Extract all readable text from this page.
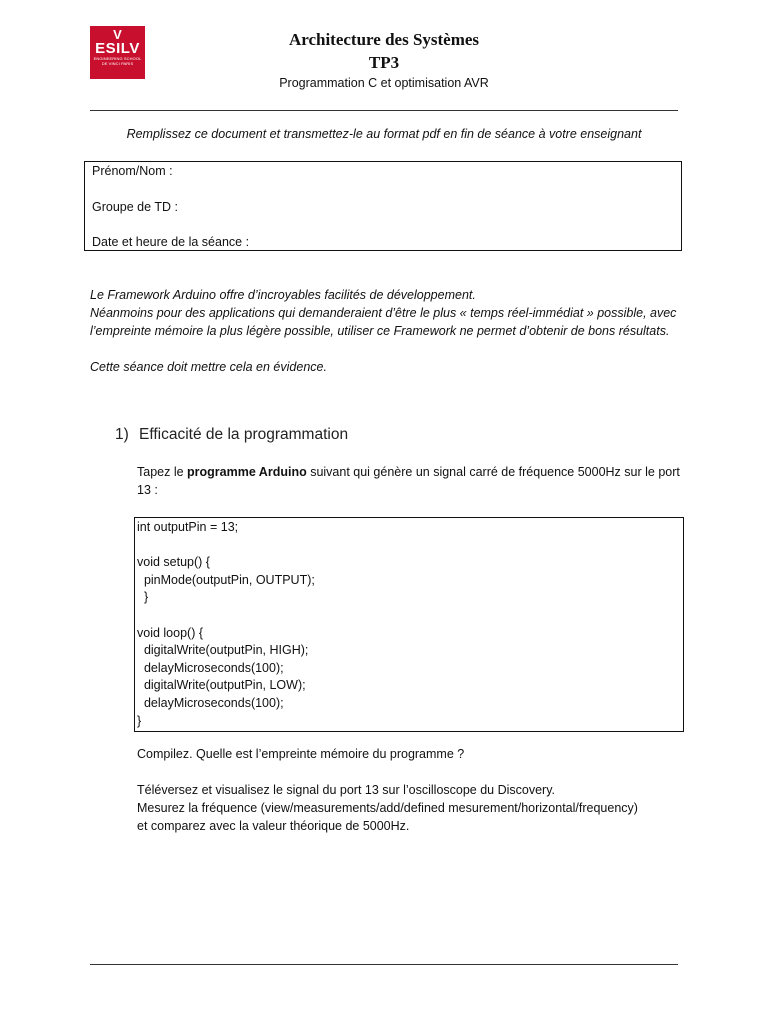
V
ESILV
ENGINEERING SCHOOL
DE VINCI PARIS
Architecture des Systèmes
TP3
Programmation C et optimisation AVR
Remplissez ce document et transmettez-le au format pdf en fin de séance à votre enseignant
Prénom/Nom :
Groupe de TD :
Date et heure de la séance :

Le Framework Arduino offre d’incroyables facilités de développement.

Néanmoins pour des applications qui demanderaient d’être le plus « temps réel-immédiat » possible, avec l’empreinte mémoire la plus légère possible, utiliser ce Framework ne permet d’obtenir de bons résultats.

Cette séance doit mettre cela en évidence.

1) Efficacité de la programmation

Tapez le programme Arduino suivant qui génère un signal carré de fréquence 5000Hz sur le port 13 :

int outputPin = 13;
void setup() {
pinMode(outputPin, OUTPUT);
}
void loop() {
digitalWrite(outputPin, HIGH);
delayMicroseconds(100);
digitalWrite(outputPin, LOW);
delayMicroseconds(100);
}

Compilez. Quelle est l’empreinte mémoire du programme ?

Téléversez et visualisez le signal du port 13 sur l’oscilloscope du Discovery.

Mesurez la fréquence (view/measurements/add/defined mesurement/horizontal/frequency)

et comparez avec la valeur théorique de 5000Hz.
